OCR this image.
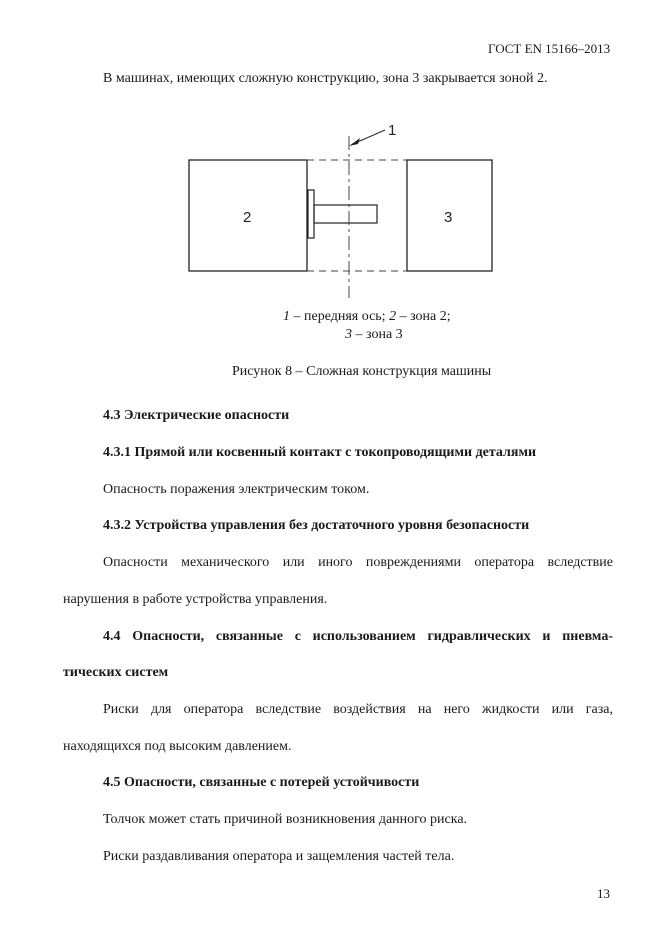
ГОСТ EN 15166–2013
В машинах, имеющих сложную конструкцию, зона 3 закрывается зоной 2.
1
2	3
1 – передняя ось; 2 – зона 2;
3 – зона 3
Рисунок 8 – Сложная конструкция машины
4.3 Электрические опасности
4.3.1 Прямой или косвенный контакт с токопроводящими деталями
Опасность поражения электрическим током.
4.3.2 Устройства управления без достаточного уровня безопасности
Опасности механического или иного повреждениями оператора вследствие
нарушения в работе устройства управления.
4.4 Опасности, связанные с использованием гидравлических и пневма-
тических систем
Риски для оператора вследствие воздействия на него жидкости или газа,
находящихся под высоким давлением.
4.5 Опасности, связанные с потерей устойчивости
Толчок может стать причиной возникновения данного риска.
Риски раздавливания оператора и защемления частей тела.
13
